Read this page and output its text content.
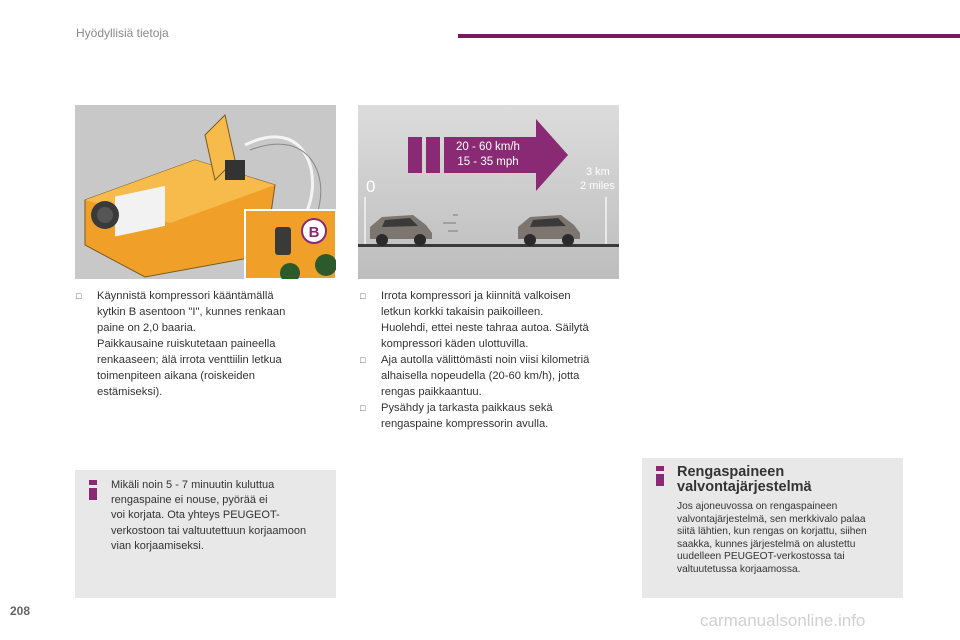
Hyödyllisiä tietoja
B
20 - 60 km/h
15 - 35 mph
0
3 km
2 miles
□ Käynnistä kompressori kääntämällä
kytkin B asentoon "I", kunnes renkaan
paine on 2,0 baaria.
Paikkausaine ruiskutetaan paineella
renkaaseen; älä irrota venttiilin letkua
toimenpiteen aikana (roiskeiden
estämiseksi).
□ Irrota kompressori ja kiinnitä valkoisen
letkun korkki takaisin paikoilleen.
Huolehdi, ettei neste tahraa autoa. Säilytä
kompressori käden ulottuvilla.
□ Aja autolla välittömästi noin viisi kilometriä
alhaisella nopeudella (20-60 km/h), jotta
rengas paikkaantuu.
□ Pysähdy ja tarkasta paikkaus sekä
rengaspaine kompressorin avulla.
Mikäli noin 5 - 7 minuutin kuluttua
rengaspaine ei nouse, pyörää ei
voi korjata. Ota yhteys PEUGEOT-
verkostoon tai valtuutettuun korjaamoon
vian korjaamiseksi.
Rengaspaineen
valvontajärjestelmä
Jos ajoneuvossa on rengaspaineen
valvontajärjestelmä, sen merkkivalo palaa
siitä lähtien, kun rengas on korjattu, siihen
saakka, kunnes järjestelmä on alustettu
uudelleen PEUGEOT-verkostossa tai
valtuutetussa korjaamossa.
208	carmanualsonline.info
